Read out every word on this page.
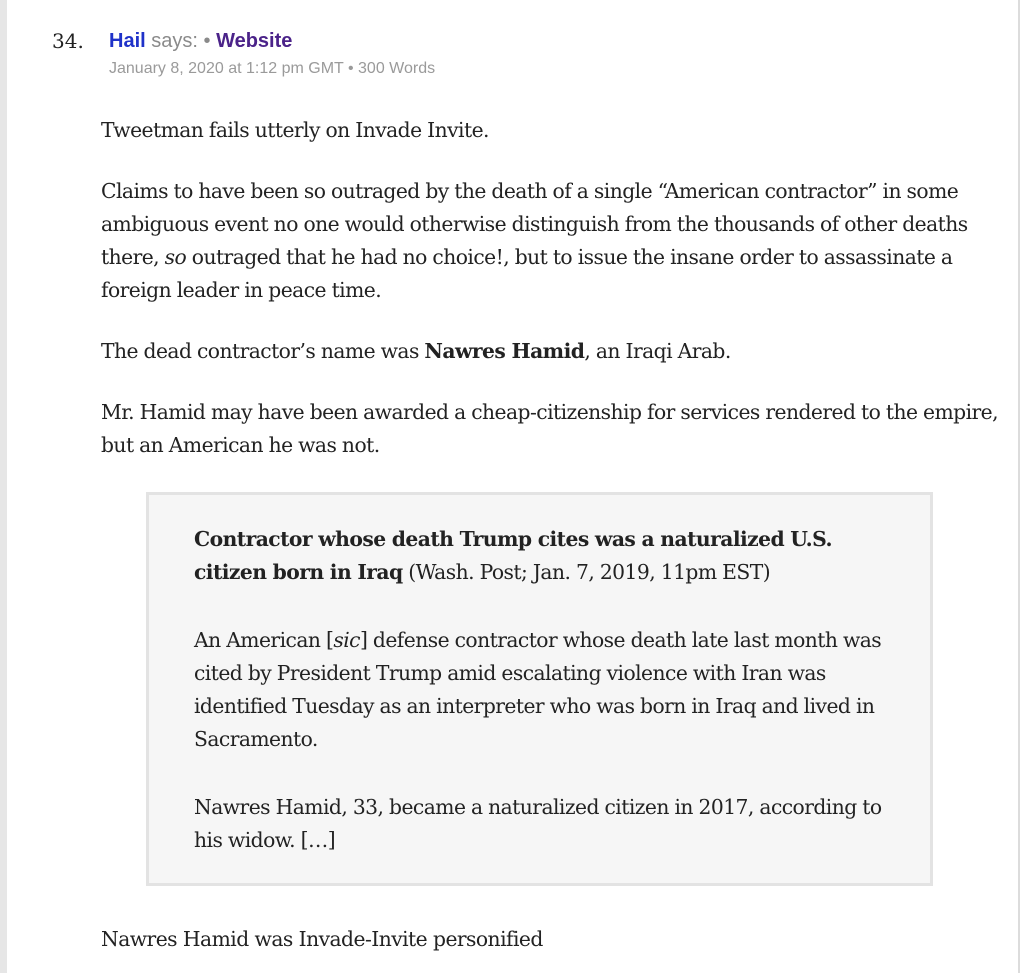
34. Hail says: • Website
January 8, 2020 at 1:12 pm GMT • 300 Words

Tweetman fails utterly on Invade Invite.

Claims to have been so outraged by the death of a single “American contractor” in some ambiguous event no one would otherwise distinguish from the thousands of other deaths there, so outraged that he had no choice!, but to issue the insane order to assassinate a foreign leader in peace time.

The dead contractor’s name was Nawres Hamid, an Iraqi Arab.

Mr. Hamid may have been awarded a cheap-citizenship for services rendered to the empire, but an American he was not.

Contractor whose death Trump cites was a naturalized U.S. citizen born in Iraq (Wash. Post; Jan. 7, 2019, 11pm EST)

An American [sic] defense contractor whose death late last month was cited by President Trump amid escalating violence with Iran was identified Tuesday as an interpreter who was born in Iraq and lived in Sacramento.

Nawres Hamid, 33, became a naturalized citizen in 2017, according to his widow. […]

Nawres Hamid was Invade-Invite personified
